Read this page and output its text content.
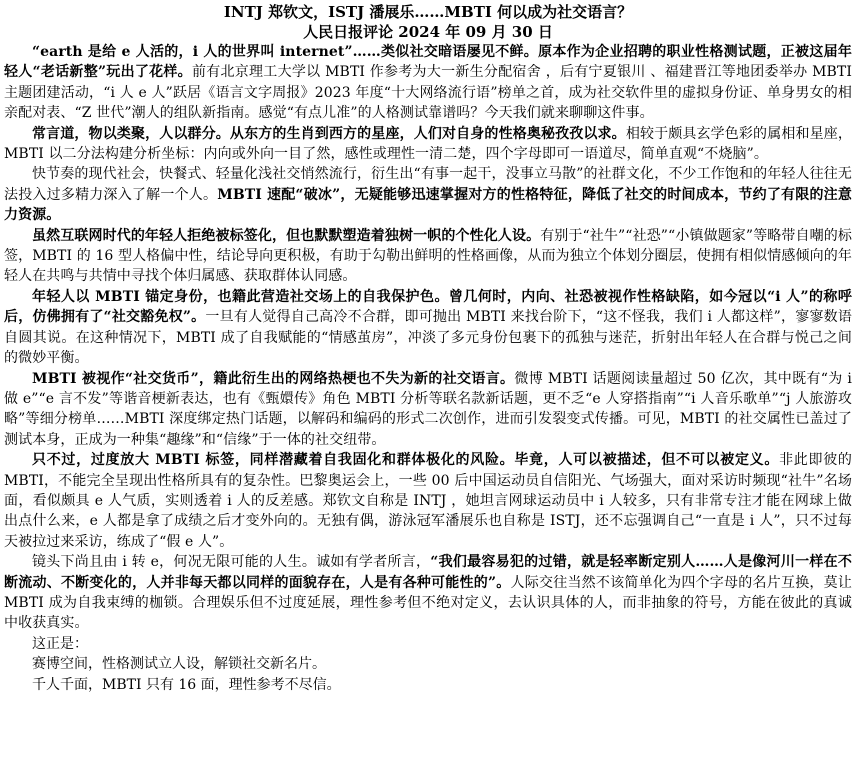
INTJ 郑钦文，ISTJ 潘展乐……MBTI 何以成为社交语言？
人民日报评论 2024 年 09 月 30 日

“earth 是给 e 人活的，i 人的世界叫 internet”……类似社交暗语屡见不鲜。原本作为企业招聘的职业性格测试题，正被这届年轻人“老话新整”玩出了花样。前有北京理工大学以 MBTI 作参考为大一新生分配宿舍 ，后有宁夏银川 、福建晋江等地团委举办 MBTI 主题团建活动，“i 人 e 人”跃居《语言文字周报》2023 年度“十大网络流行语”榜单之首，成为社交软件里的虚拟身份证、单身男女的相亲配对表、“Z 世代”潮人的组队新指南。感觉“有点儿准”的人格测试靠谱吗？今天我们就来聊聊这件事。

常言道，物以类聚，人以群分。从东方的生肖到西方的星座，人们对自身的性格奥秘孜孜以求。相较于颇具玄学色彩的属相和星座，MBTI 以二分法构建分析坐标：内向或外向一目了然，感性或理性一清二楚，四个字母即可一语道尽，简单直观“不烧脑”。

快节奏的现代社会，快餐式、轻量化浅社交悄然流行，衍生出“有事一起干，没事立马散”的社群文化，不少工作饱和的年轻人往往无法投入过多精力深入了解一个人。MBTI 速配“破冰”，无疑能够迅速掌握对方的性格特征，降低了社交的时间成本，节约了有限的注意力资源。

虽然互联网时代的年轻人拒绝被标签化，但也默默塑造着独树一帜的个性化人设。有别于“社牛”“社恐”“小镇做题家”等略带自嘲的标签，MBTI 的 16 型人格偏中性，结论导向更积极，有助于勾勒出鲜明的性格画像，从而为独立个体划分圈层，使拥有相似情感倾向的年轻人在共鸣与共情中寻找个体归属感、获取群体认同感。

年轻人以 MBTI 锚定身份，也籍此营造社交场上的自我保护色。曾几何时，内向、社恐被视作性格缺陷，如今冠以“i 人”的称呼后，仿佛拥有了“社交豁免权”。一旦有人觉得自己高冷不合群，即可抛出 MBTI 来找台阶下，“这不怪我，我们 i 人都这样”，寥寥数语自圆其说。在这种情况下，MBTI 成了自我赋能的“情感茧房”，冲淡了多元身份包裹下的孤独与迷茫，折射出年轻人在合群与悦己之间的微妙平衡。

MBTI 被视作“社交货币”，籍此衍生出的网络热梗也不失为新的社交语言。微博 MBTI 话题阅读量超过 50 亿次，其中既有“为 i 做 e”“e 言不发”等谐音梗新表达，也有《甄嬛传》角色 MBTI 分析等联名款新话题，更不乏“e 人穿搭指南”“i 人音乐歌单”“j 人旅游攻略”等细分榜单……MBTI 深度绑定热门话题，以解码和编码的形式二次创作，进而引发裂变式传播。可见，MBTI 的社交属性已盖过了测试本身，正成为一种集“趣缘”和“信缘”于一体的社交纽带。

只不过，过度放大 MBTI 标签，同样潜藏着自我固化和群体极化的风险。毕竟，人可以被描述，但不可以被定义。非此即彼的 MBTI，不能完全呈现出性格所具有的复杂性。巴黎奥运会上，一些 00 后中国运动员自信阳光、气场强大，面对采访时频现“社牛”名场面，看似颇具 e 人气质，实则透着 i 人的反差感。郑钦文自称是 INTJ ，她坦言网球运动员中 i 人较多，只有非常专注才能在网球上做出点什么来，e 人都是拿了成绩之后才变外向的。无独有偶，游泳冠军潘展乐也自称是 ISTJ，还不忘强调自己“一直是 i 人”，只不过每天被拉过来采访，练成了“假 e 人”。

镜头下尚且由 i 转 e，何况无限可能的人生。诚如有学者所言，“我们最容易犯的过错，就是轻率断定别人……人是像河川一样在不断流动、不断变化的，人并非每天都以同样的面貌存在，人是有各种可能性的”。人际交往当然不该简单化为四个字母的名片互换，莫让 MBTI 成为自我束缚的枷锁。合理娱乐但不过度延展，理性参考但不绝对定义，去认识具体的人，而非抽象的符号，方能在彼此的真诚中收获真实。

这正是：
赛博空间，性格测试立人设，解锁社交新名片。
千人千面，MBTI 只有 16 面，理性参考不尽信。
